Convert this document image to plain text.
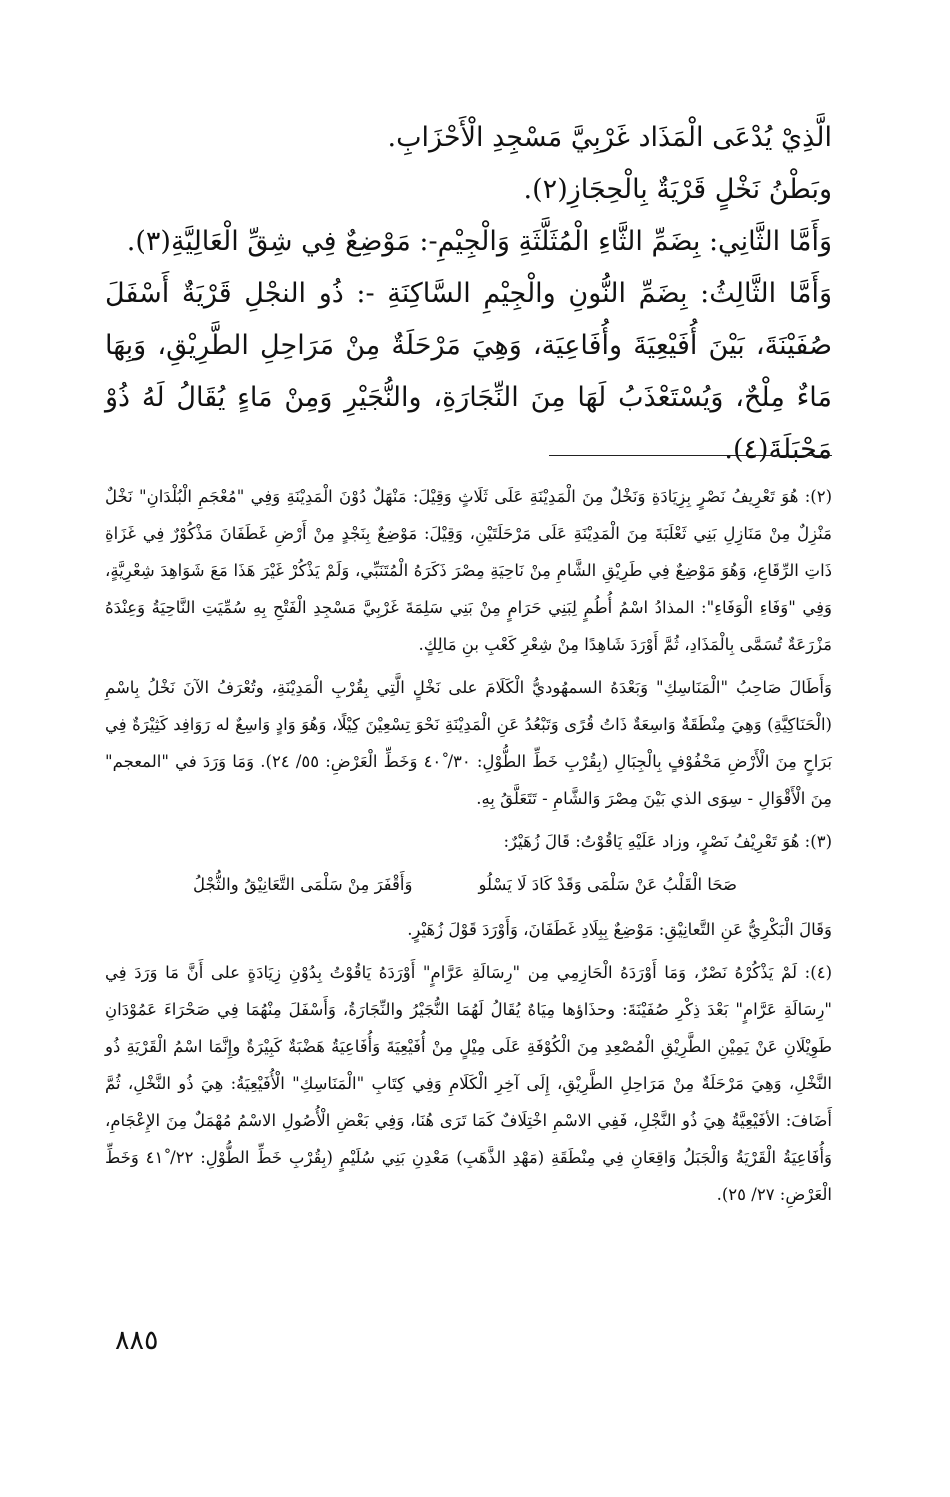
الَّذِيْ يُدْعَى الْمَذَاد غَرْبِيَّ مَسْجِدِ الْأَحْزَابِ.

وبَطْنُ نَخْلٍ قَرْيَةٌ بِالْحِجَازِ(٢).

وَأَمَّا الثَّانِي: بِضَمِّ الثَّاءِ الْمُثَلَّثَةِ وَالْجِيْمِ-: مَوْضِعٌ فِي شِقِّ الْعَالِيَّةِ(٣).

وَأَمَّا الثَّالِثُ: بِضَمِّ النُّونِ والْجِيْمِ السَّاكِنَةِ -: ذُو النجْلِ قَرْيَةٌ أَسْفَلَ صُفَيْنَةَ، بَيْنَ أُفَيْعِيَةَ وأُفَاعِيَة، وَهِيَ مَرْحَلَةٌ مِنْ مَرَاحِلِ الطَّرِيْقِ، وَبِهَا مَاءٌ مِلْحٌ، وَيُسْتَعْذَبُ لَهَا مِنَ النِّجَارَةِ، والنُّجَيْرِ وَمِنْ مَاءٍ يُقَالُ لَهُ ذُوْ مَحْبَلَةَ(٤).

(٢): هُوَ تَعْرِيفُ نَصْرٍ بِزِيَادَةِ وَنَخْلٌ مِنَ الْمَدِيْنَةِ عَلَى ثَلَاثٍ وَقِيْلَ: مَنْهَلٌ دُوْنَ الْمَدِيْنَةِ وَفِي "مُعْجَمِ الْبُلْدَانِ" نَخْلٌ مَنْزِلٌ مِنْ مَنَازِلِ بَنِي ثَعْلَبَةَ مِنَ الْمَدِيْنَةِ عَلَى مَرْحَلَتَيْنِ، وَقِيْلَ: مَوْضِعٌ بِنَجْدٍ مِنْ أَرْضِ غَطَفَانَ مَذْكُوْرٌ فِي غَزَاةِ ذَاتِ الرِّقَاعِ، وَهُوَ مَوْضِعٌ فِي طَرِيْقِ الشَّامِ مِنْ نَاحِيَةِ مِصْرَ ذَكَرَهُ الْمُتَنَبِّي، وَلَمْ يَذْكُرْ غَيْرَ هَذَا مَعَ شَوَاهِدَ شِعْرِيَّةٍ، وَفِي "وَفَاءِ الْوَفَاءِ": المذادُ اسْمُ أُطُمٍ لِبَنِي حَرَامٍ مِنْ بَنِي سَلِمَةَ غَرْبِيَّ مَسْجِدِ الْفَتْحِ بِهِ سُمِّيَتِ النَّاحِيَةُ وَعِنْدَهُ مَزْرَعَةٌ تُسَمَّى بِالْمَذَادِ، ثُمَّ أَوْرَدَ شَاهِدًا مِنْ شِعْرِ كَعْبِ بنِ مَالِكٍ.

وَأَطَالَ صَاحِبُ "الْمَنَاسِكِ" وَبَعْدَهُ السمهُوديُّ الْكَلَامَ على نَخْلٍ الَّتِي بِقُرْبِ الْمَدِيْنَةِ، وتُعْرَفُ الآنَ نَخْلُ بِاسْمِ (الْحَنَاكِيَّةِ) وَهِيَ مِنْطَقَةٌ وَاسِعَةٌ ذَاتُ قُرًى وَتَبْعُدُ عَنِ الْمَدِيْنَةِ نَحْوَ تِسْعِيْنَ كِيْلًا، وَهُوَ وَادٍ وَاسِعٌ له رَوَافِد كَثِيْرَةٌ فِي بَرَاحٍ مِنَ الْأَرْضِ مَحْفُوْفٍ بِالْجِبَالِ (بِقُرْبِ خَطِّ الطُّوْلِ: ٣٠/ ٤٠ْ وَخَطِّ الْعَرْضِ: ٥٥/ ٢٤). وَمَا وَرَدَ في "المعجم" مِنَ الْأَقْوَالِ - سِوَى الذي بَيْنَ مِصْرَ وَالشَّامِ - تَتَعَلَّقُ بِهِ.

(٣): هُوَ تَعْرِيْفُ نَصْرٍ، وزاد عَلَيْهِ يَاقُوْتُ: قَالَ زُهَيْرٌ:

صَحَا الْقَلْبُ عَنْ سَلْمَى وَقَدْ كَادَ لَا يَسْلُو
وَأَقْفَرَ مِنْ سَلْمَى التَّعَانِيْقُ والثُّجْلُ

وَقَالَ الْبَكْرِيُّ عَنِ التَّعانِيْقِ: مَوْضِعٌ بِبِلَادِ غَطَفَانَ، وَأَوْرَدَ قَوْلَ زُهَيْرٍ.

(٤): لَمْ يَذْكُرْهُ نَصْرٌ، وَمَا أَوْرَدَهُ الْحَازِمِي مِن "رِسَالَةِ عَرَّامٍ" أَوْرَدَهُ يَاقُوْتُ بِدُوْنِ زِيَادَةٍ على أَنَّ مَا وَرَدَ فِي "رِسَالَةِ عَرَّامٍ" بَعْدَ ذِكْرِ صُفَيْنَةَ: وحذَاؤها مِيَاهٌ يُقَالُ لَهُمَا النُّجَيْرُ والنِّجَارَةُ، وَأَسْفَلَ مِنْهُمَا فِي صَحْرَاءَ عَمُوْدَانِ طَوِيْلَانِ عَنْ يَمِيْنِ الطَّرِيْقِ الْمُصْعِدِ مِنَ الْكُوْفَةِ عَلَى مِيْلٍ مِنْ أُفَيْعِيَةَ وَأُفَاعِيَةُ هَضْبَةٌ كَبِيْرَةٌ وإِنَّمَا اسْمُ الْقَرْيَةِ ذُو النَّخْلِ، وَهِيَ مَرْحَلَةٌ مِنْ مَرَاحِلِ الطَّرِيْقِ، إِلَى آخِرِ الْكَلَامِ وَفِي كِتَابِ "الْمَنَاسِكِ" الْأُفَيْعِيَةُ: هِيَ ذُو النَّخْلِ، ثُمَّ أَضَافَ: الأفَيْعِيَّةُ هِيَ ذُو النَّجْلِ، فَفِي الاسْمِ اخْتِلَافٌ كَمَا تَرَى هُنَا، وَفِي بَعْضِ الْأُصُولِ الاسْمُ مُهْمَلٌ مِنَ الإِعْجَامِ، وَأُفَاعِيَةُ الْقَرْيَةُ وَالْجَبَلُ وَاقِعَانِ فِي مِنْطَقَةِ (مَهْدِ الذَّهَبِ) مَعْدِنِ بَنِي سُلَيْمٍ (بِقُرْبِ خَطِّ الطُّوْلِ: ٢٢/ ٤١ْ وَخَطِّ الْعَرْضِ: ٢٧/ ٢٥).

٨٨٥
